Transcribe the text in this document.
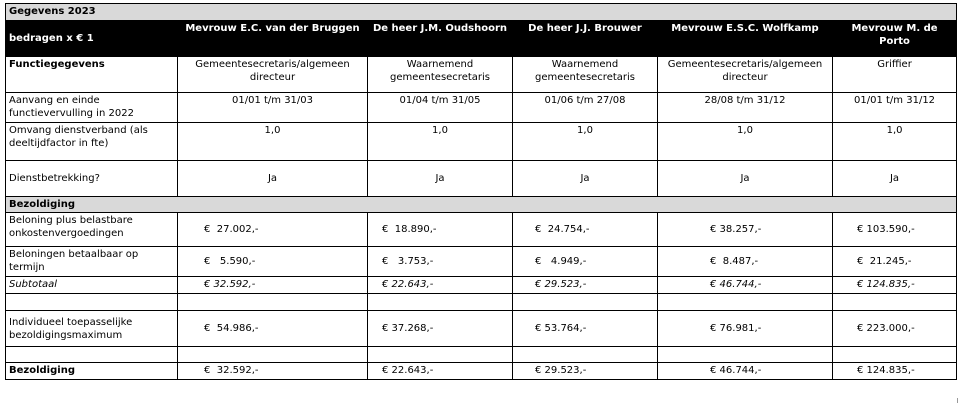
Gegevens 2023					
bedragen x € 1	Mevrouw E.C. van der Bruggen	De heer J.M. Oudshoorn	De heer J.J. Brouwer	Mevrouw E.S.C. Wolfkamp	Mevrouw M. de Porto
Functiegegevens	Gemeentesecretaris/algemeen directeur	Waarnemend gemeentesecretaris	Waarnemend gemeentesecretaris	Gemeentesecretaris/algemeen directeur	Griffier
Aanvang en einde functievervulling in 2022	01/01 t/m 31/03	01/04 t/m 31/05	01/06 t/m 27/08	28/08 t/m 31/12	01/01 t/m 31/12
Omvang dienstverband (als deeltijdfactor in fte)	1,0	1,0	1,0	1,0	1,0
Dienstbetrekking?	Ja	Ja	Ja	Ja	Ja
Bezoldiging					
Beloning plus belastbare onkostenvergoedingen	€  27.002,-	€  18.890,-	€  24.754,-	€ 38.257,-	€ 103.590,-
Beloningen betaalbaar op termijn	€   5.590,-	€   3.753,-	€   4.949,-	€  8.487,-	€  21.245,-
Subtotaal	€ 32.592,-	€ 22.643,-	€ 29.523,-	€ 46.744,-	€ 124.835,-

Individueel toepasselijke bezoldigingsmaximum	€  54.986,-	€ 37.268,-	€ 53.764,-	€ 76.981,-	€ 223.000,-

Bezoldiging	€  32.592,-	€ 22.643,-	€ 29.523,-	€ 46.744,-	€ 124.835,-
